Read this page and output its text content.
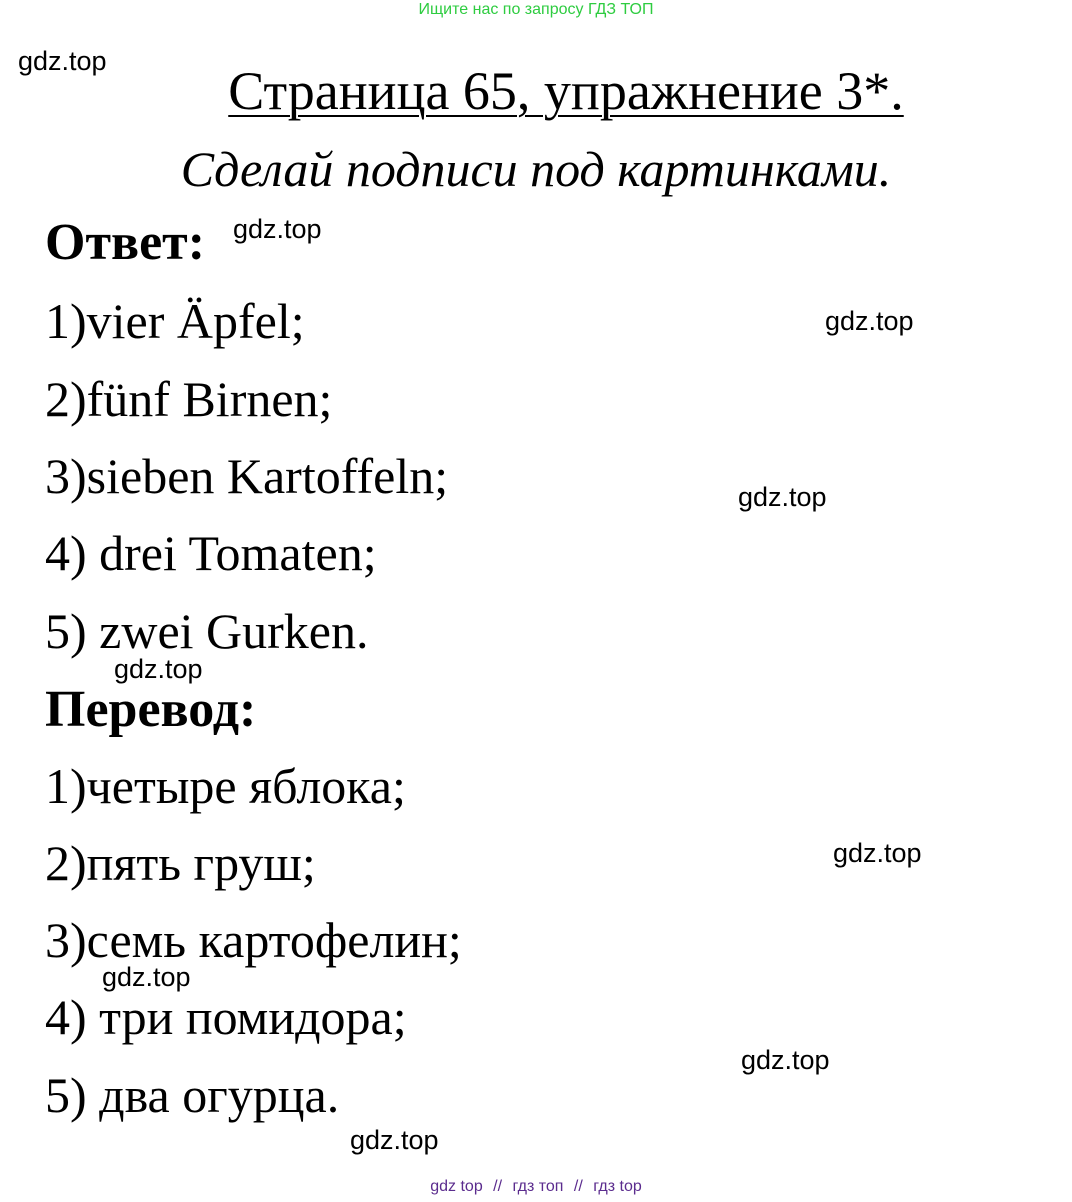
Ищите нас по запросу ГДЗ ТОП
gdz.top	Страница 65, упражнение 3*.
Сделай подписи под картинками.
Ответ: gdz.top
1)vier Äpfel;	gdz.top
2)fünf Birnen;
3)sieben Kartoffeln;	gdz.top
4) drei Tomaten;
5) zwei Gurken.
gdz.top
Перевод:
1)четыре яблока;
2)пять груш;	gdz.top
3)семь картофелин;
gdz.top
4) три помидора;
gdz.top
5) два огурца.
gdz.top
gdz top // гдз топ // гдз top
